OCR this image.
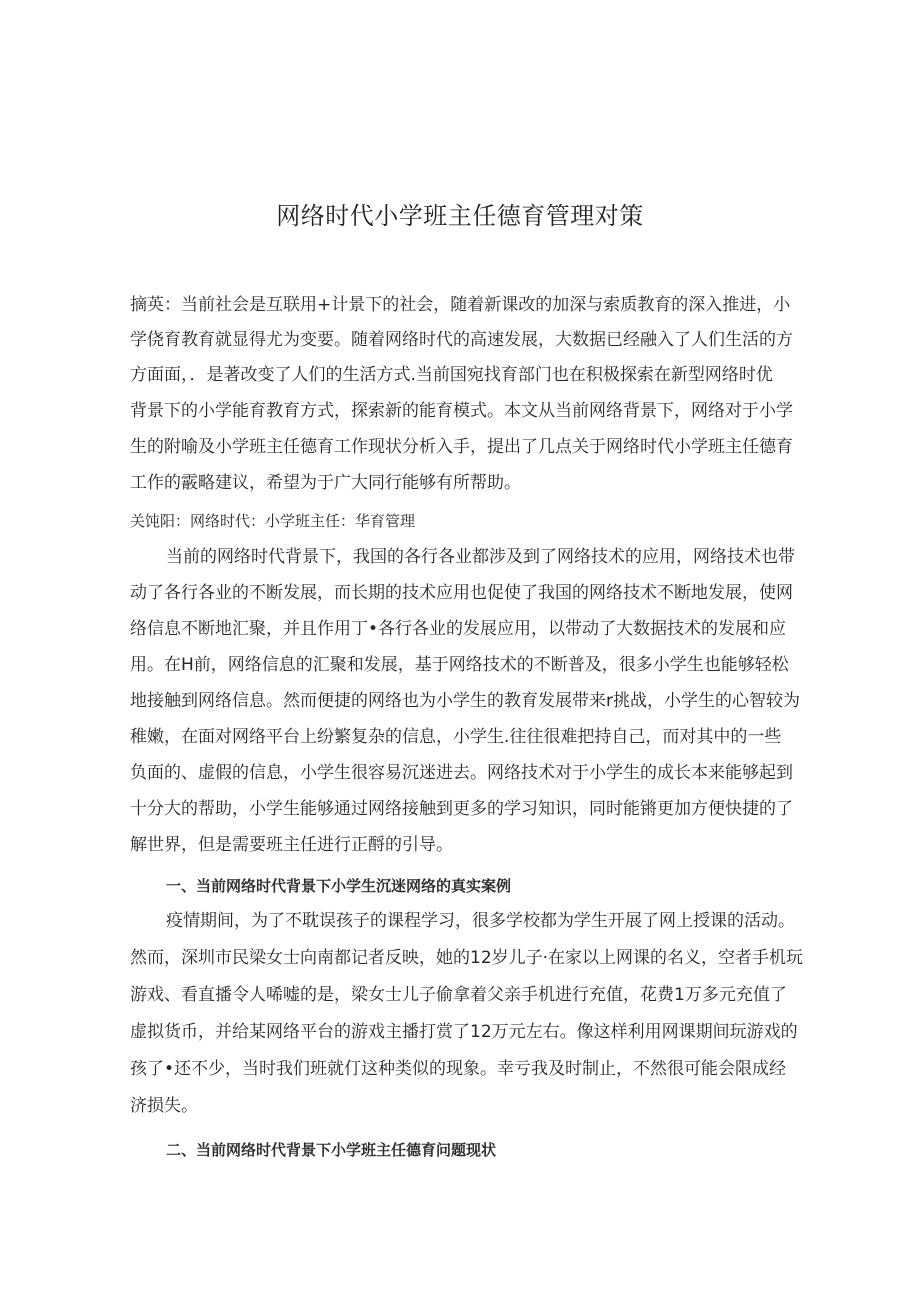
网络时代小学班主任德育管理对策
摘英：当前社会是互联用+计景下的社会，随着新课改的加深与索质教育的深入推进，小
学侥育教育就显得尤为变要。随着网络时代的高速发展，大数据已经融入了人们生活的方
方面面，．是著改变了人们的生活方式.当前国宛找育部门也在积极探索在新型网络时优
背景下的小学能育教育方式，探索新的能育模式。本文从当前网络背景下，网络对于小学
生的附喻及小学班主任德育工作现状分析入手，提出了几点关于网络时代小学班主任德育
工作的霰略建议，希望为于广大同行能够有所帮助。
关饨阳：网络时代：小学班主任：华育管理
当前的网络时代背景下，我国的各行各业都涉及到了网络技术的应用，网络技术也带
动了各行各业的不断发展，而长期的技术应用也促使了我国的网络技术不断地发展，使网
络信息不断地汇聚，并且作用丁•各行各业的发展应用，以带动了大数据技术的发展和应
用。在H前，网络信息的汇聚和发展，基于网络技术的不断普及，很多小学生也能够轻松
地接触到网络信息。然而便捷的网络也为小学生的教育发展带来r挑战，小学生的心智较为
稚嫩，在面对网络平台上纷繁复杂的信息，小学生.往往很难把持自己，而对其中的一些
负面的、虚假的信息，小学生很容易沉迷进去。网络技术对于小学生的成长本来能够起到
十分大的帮助，小学生能够通过网络接触到更多的学习知识，同时能锵更加方便快捷的了
解世界，但是需要班主任进行正酹的引导。
一、当前网络时代背景下小学生沉迷网络的真实案例
疫情期间，为了不耽误孩子的课程学习，很多学校都为学生开展了网上授课的活动。
然而，深圳市民梁女士向南都记者反映，她的12岁儿子·在家以上网课的名义，空者手机玩
游戏、看直播令人唏嘘的是，梁女士儿子偷拿着父亲手机进行充值，花费1万多元充值了
虚拟货币，并给某网络平台的游戏主播打赏了12万元左右。像这样利用网课期间玩游戏的
孩了•还不少，当时我们班就仃这种类似的现象。幸亏我及时制止，不然很可能会限成经
济损失。
二、当前网络时代背景下小学班主任德育问题现状
